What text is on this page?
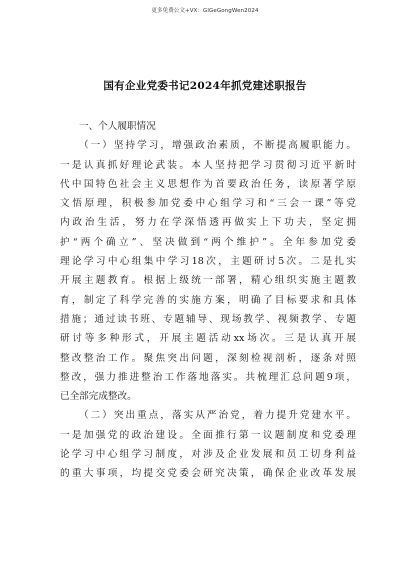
更多免费公文+VX：GlGeGongWen2024
国有企业党委书记2024年抓党建述职报告
一、个人履职情况
（一）坚持学习，增强政治素质，不断提高履职能力。
一是认真抓好理论武装。本人坚持把学习贯彻习近平新时
代中国特色社会主义思想作为首要政治任务，读原著学原
文悟原理，积极参加党委中心组学习和“三会一课”等党
内政治生活，努力在学深悟透再做实上下功夫，坚定拥
护“两个确立”、坚决做到“两个维护”。全年参加党委
理论学习中心组集中学习18次，主题研讨5次。二是扎实
开展主题教育。根据上级统一部署，精心组织实施主题教
育，制定了科学完善的实施方案，明确了目标要求和具体
措施；通过读书班、专题辅导、现场教学、视频教学、专题
研讨等多种形式，开展主题活动xx场次。三是认真开展
整改整治工作。聚焦突出问题，深刻检视剖析，逐条对照
整改，强力推进整治工作落地落实。共梳理汇总问题9项，
已全部完成整改。
（二）突出重点，落实从严治党，着力提升党建水平。
一是加强党的政治建设。全面推行第一议题制度和党委理
论学习中心组学习制度，对涉及企业发展和员工切身利益
的重大事项，均提交党委会研究决策，确保企业改革发展
